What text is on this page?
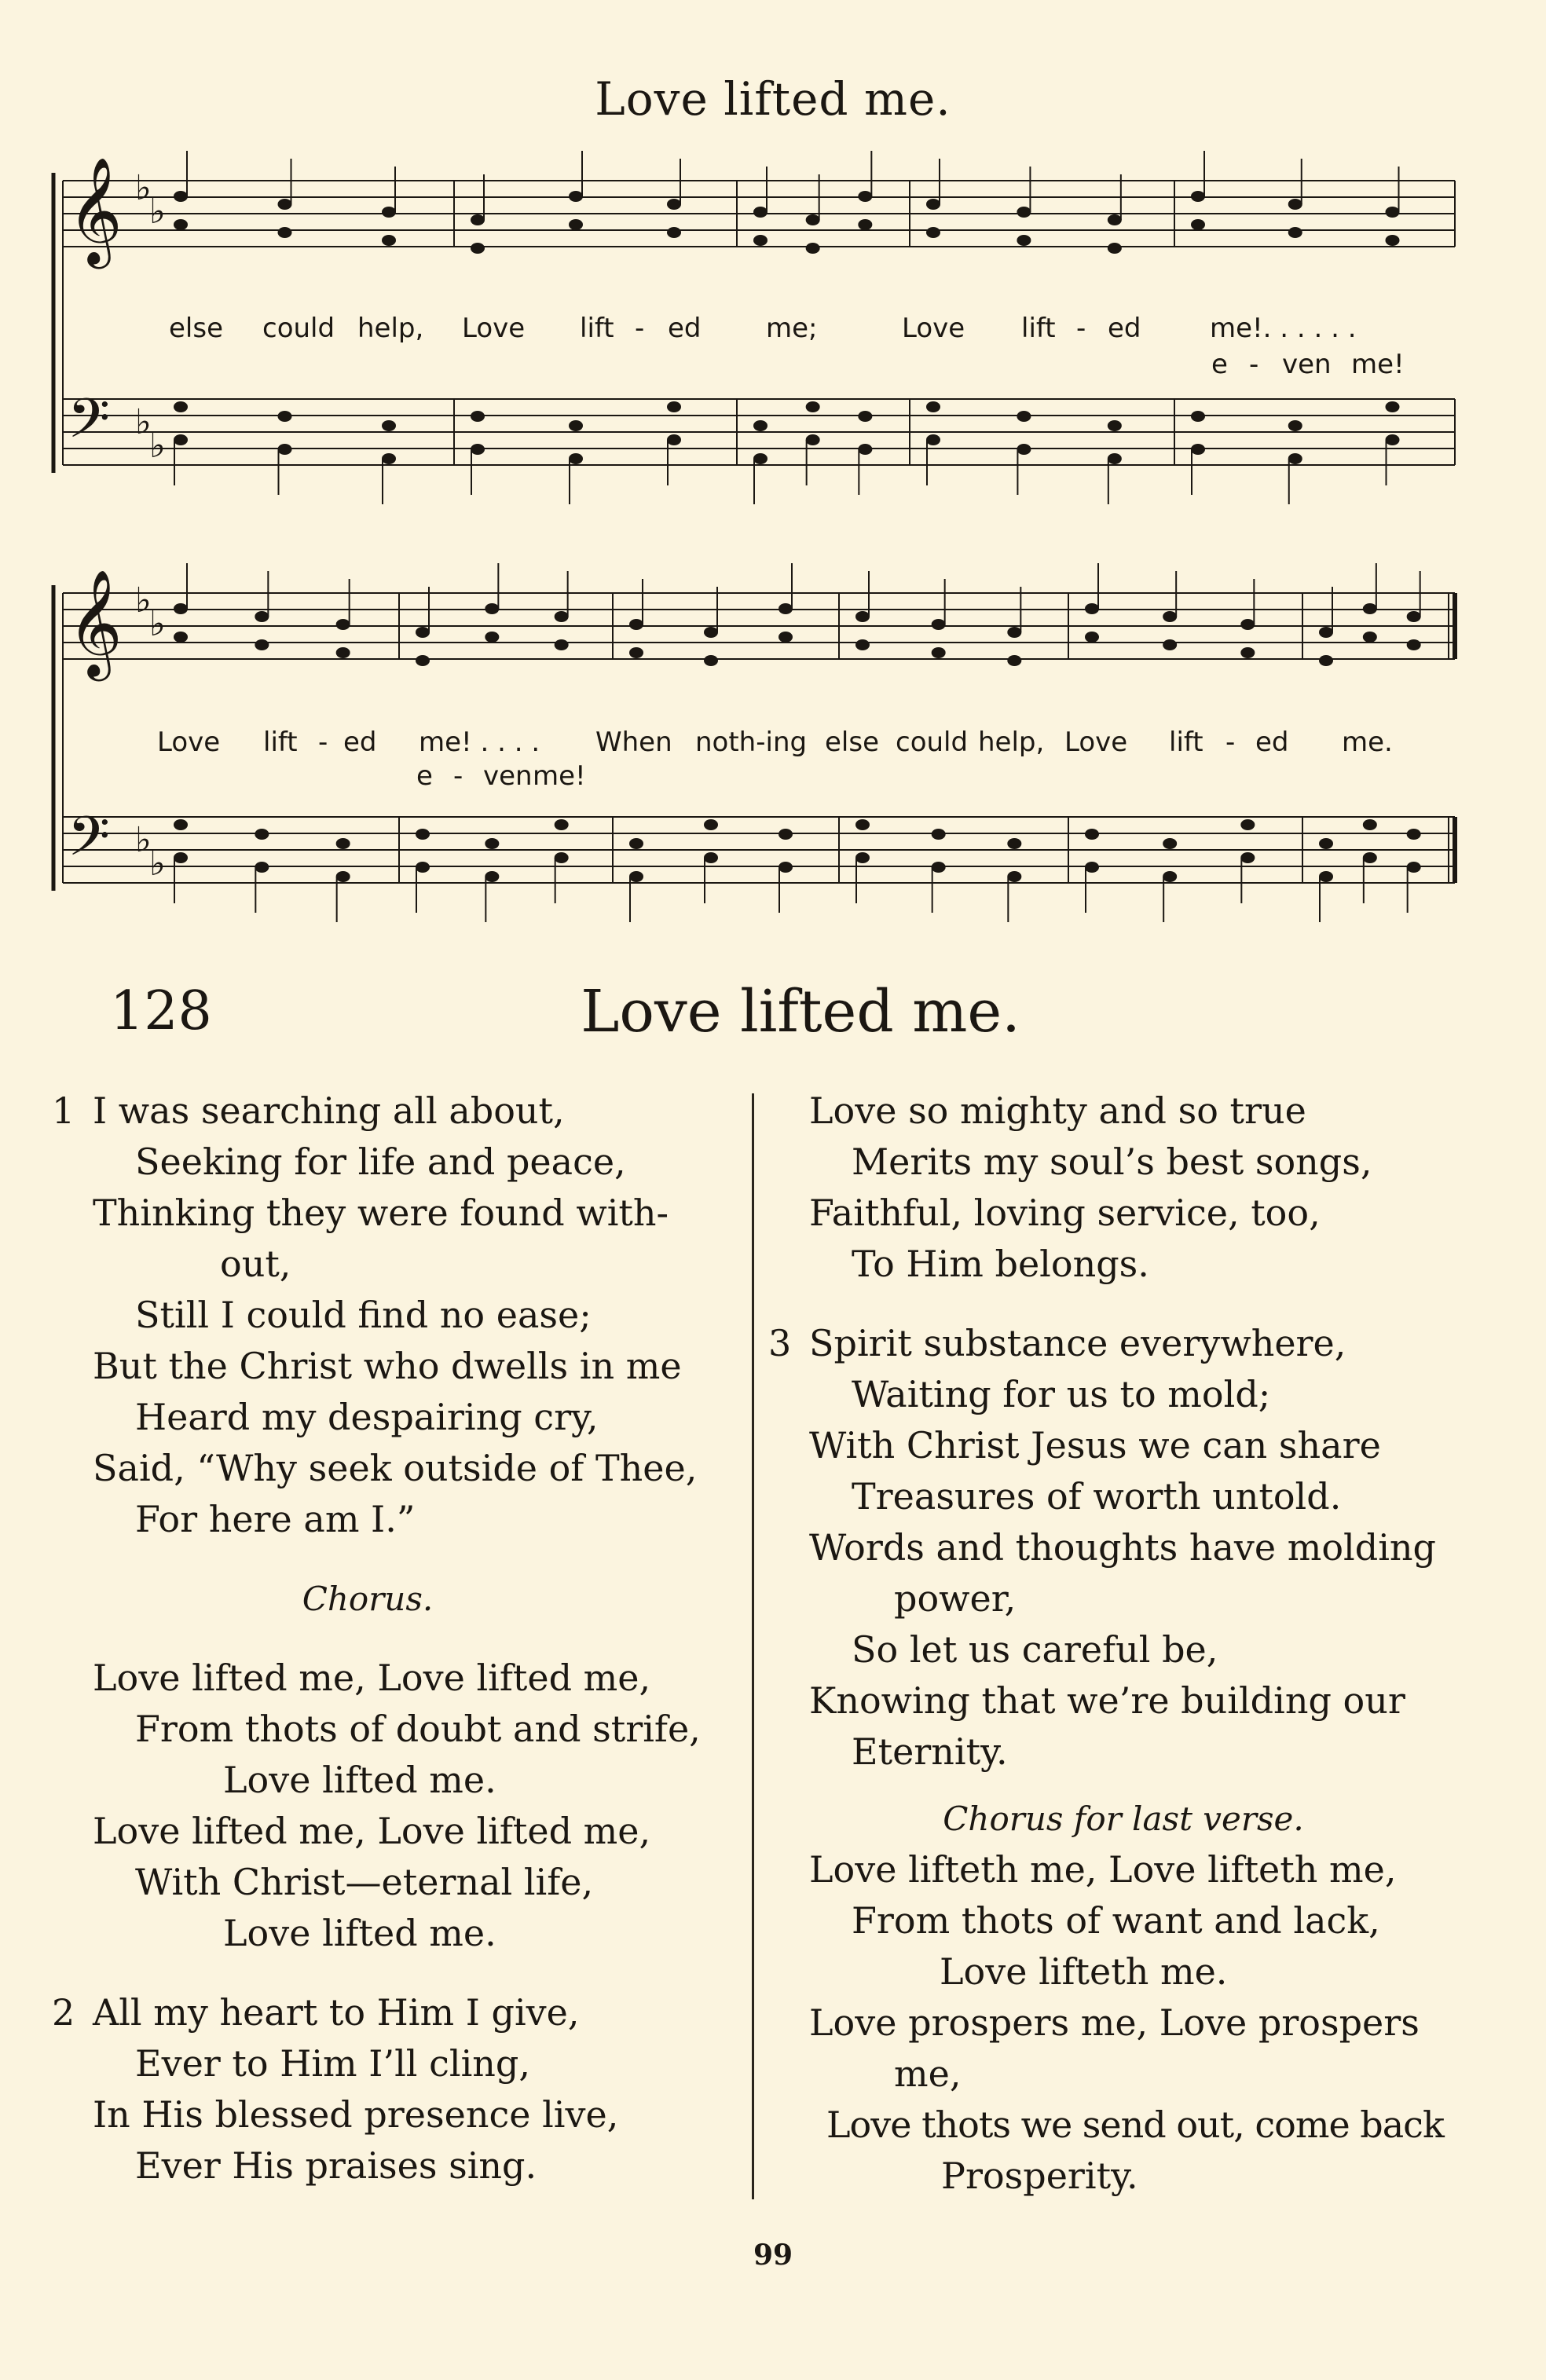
Love lifted me.
𝄞
𝄢
♭
♭
♭
♭
𝄞
𝄢
♭
♭
♭
♭
else could help, Love lift - ed me;	Love lift - ed	me!. . . . . .
e - ven me!
Love lift - ed me! . . . . When noth-ing else could help, Love lift - ed me.
e - ven me!
128	Love lifted me.
1 I was searching all about,
Seeking for life and peace,
Thinking they were found with-
out,
Still I could find no ease;
But the Christ who dwells in me
Heard my despairing cry,
Said, “Why seek outside of Thee,
For here am I.”
Chorus.
Love lifted me, Love lifted me,
From thots of doubt and strife,
Love lifted me.
Love lifted me, Love lifted me,
With Christ—eternal life,
Love lifted me.
2 All my heart to Him I give,
Ever to Him I’ll cling,
In His blessed presence live,
Ever His praises sing.
Love so mighty and so true
Merits my soul’s best songs,
Faithful, loving service, too,
To Him belongs.
3 Spirit substance everywhere,
Waiting for us to mold;
With Christ Jesus we can share
Treasures of worth untold.
Words and thoughts have molding
power,
So let us careful be,
Knowing that we’re building our
Eternity.
Chorus for last verse.
Love lifteth me, Love lifteth me,
From thots of want and lack,
Love lifteth me.
Love prospers me, Love prospers
me,
Love thots we send out, come back
Prosperity.
99
